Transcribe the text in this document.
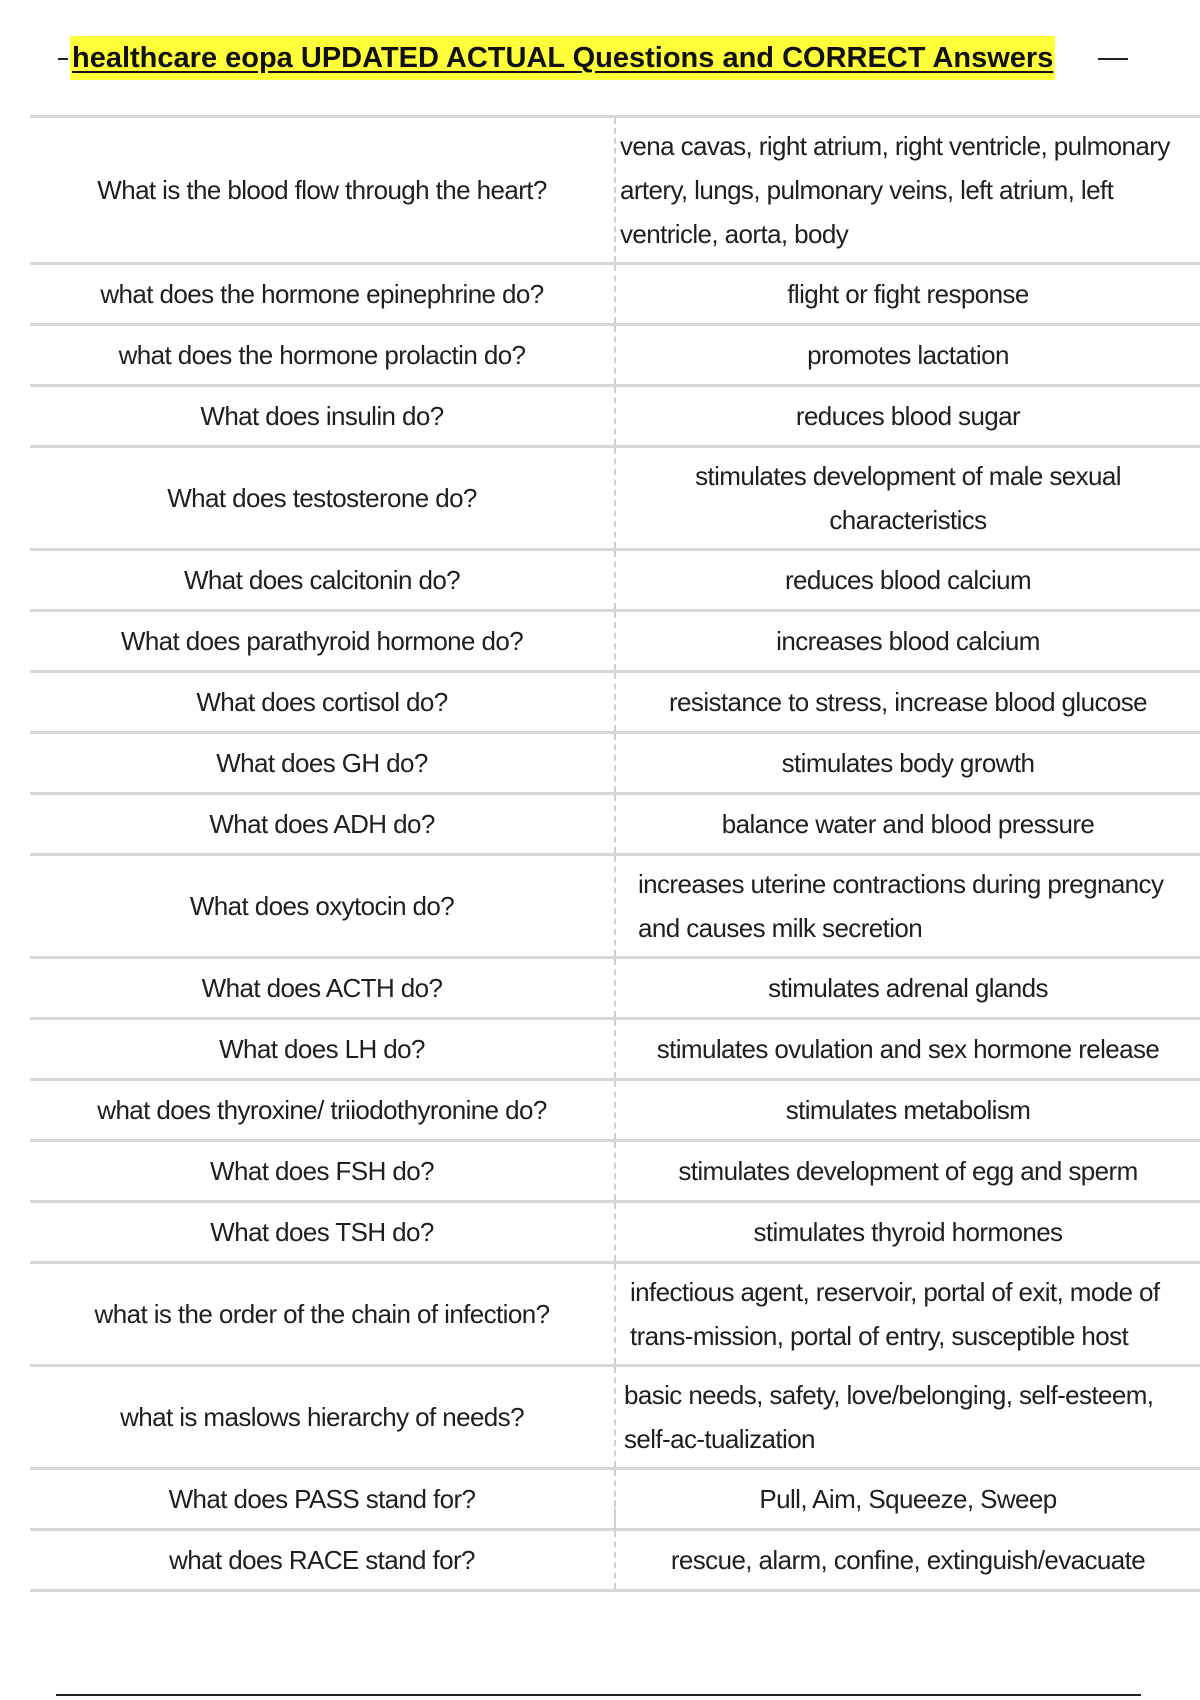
healthcare eopa UPDATED ACTUAL Questions and CORRECT Answers
What is the blood flow through the heart?	vena cavas, right atrium, right ventricle, pulmonary artery, lungs, pulmonary veins, left atrium, left ventricle, aorta, body
what does the hormone epinephrine do?	flight or fight response
what does the hormone prolactin do?	promotes lactation
What does insulin do?	reduces blood sugar
What does testosterone do?	stimulates development of male sexual characteristics
What does calcitonin do?	reduces blood calcium
What does parathyroid hormone do?	increases blood calcium
What does cortisol do?	resistance to stress, increase blood glucose
What does GH do?	stimulates body growth
What does ADH do?	balance water and blood pressure
What does oxytocin do?	increases uterine contractions during pregnancy and causes milk secretion
What does ACTH do?	stimulates adrenal glands
What does LH do?	stimulates ovulation and sex hormone release
what does thyroxine/ triiodothyronine do?	stimulates metabolism
What does FSH do?	stimulates development of egg and sperm
What does TSH do?	stimulates thyroid hormones
what is the order of the chain of infection?	infectious agent, reservoir, portal of exit, mode of trans-mission, portal of entry, susceptible host
what is maslows hierarchy of needs?	basic needs, safety, love/belonging, self-esteem, self-ac-tualization
What does PASS stand for?	Pull, Aim, Squeeze, Sweep
what does RACE stand for?	rescue, alarm, confine, extinguish/evacuate
